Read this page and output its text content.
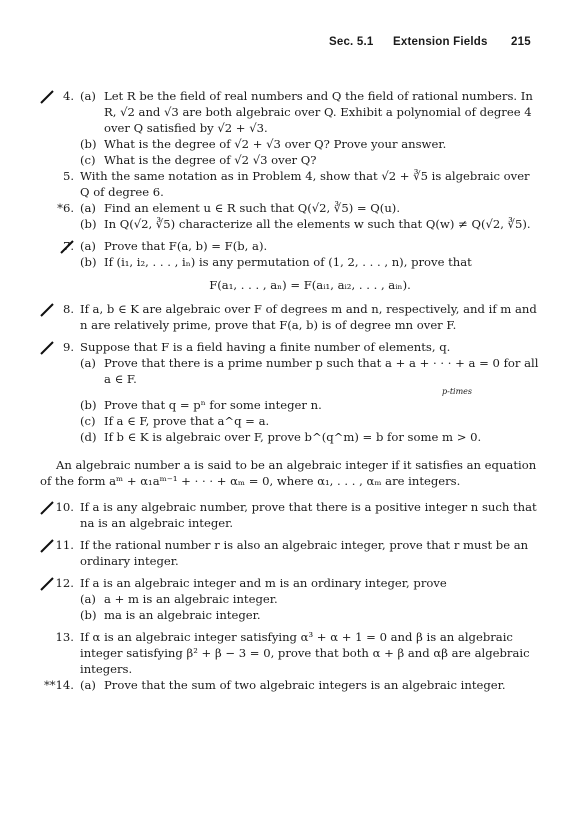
Sec. 5.1 Extension Fields 215
4. (a) Let R be the field of real numbers and Q the field of rational numbers. In R, √2 and √3 are both algebraic over Q. Exhibit a polynomial of degree 4 over Q satisfied by √2 + √3.
(b) What is the degree of √2 + √3 over Q? Prove your answer.
(c) What is the degree of √2 √3 over Q?
5. With the same notation as in Problem 4, show that √2 + ∛5 is algebraic over Q of degree 6.
*6. (a) Find an element u ∈ R such that Q(√2, ∛5) = Q(u).
(b) In Q(√2, ∛5) characterize all the elements w such that Q(w) ≠ Q(√2, ∛5).
7. (a) Prove that F(a, b) = F(b, a).
(b) If (i₁, i₂, . . . , iₙ) is any permutation of (1, 2, . . . , n), prove that
F(a₁, . . . , aₙ) = F(aᵢ₁, aᵢ₂, . . . , aᵢₙ).
8. If a, b ∈ K are algebraic over F of degrees m and n, respectively, and if m and n are relatively prime, prove that F(a, b) is of degree mn over F.
9. Suppose that F is a field having a finite number of elements, q.
(a) Prove that there is a prime number p such that a + a + · · · + a = 0 for all a ∈ F.
p-times
(b) Prove that q = pⁿ for some integer n.
(c) If a ∈ F, prove that a^q = a.
(d) If b ∈ K is algebraic over F, prove b^(q^m) = b for some m > 0.

An algebraic number a is said to be an algebraic integer if it satisfies an equation of the form aᵐ + α₁aᵐ⁻¹ + · · · + αₘ = 0, where α₁, . . . , αₘ are integers.

10. If a is any algebraic number, prove that there is a positive integer n such that na is an algebraic integer.
11. If the rational number r is also an algebraic integer, prove that r must be an ordinary integer.
12. If a is an algebraic integer and m is an ordinary integer, prove
(a) a + m is an algebraic integer.
(b) ma is an algebraic integer.
13. If α is an algebraic integer satisfying α³ + α + 1 = 0 and β is an algebraic integer satisfying β² + β − 3 = 0, prove that both α + β and αβ are algebraic integers.
**14. (a) Prove that the sum of two algebraic integers is an algebraic integer.
